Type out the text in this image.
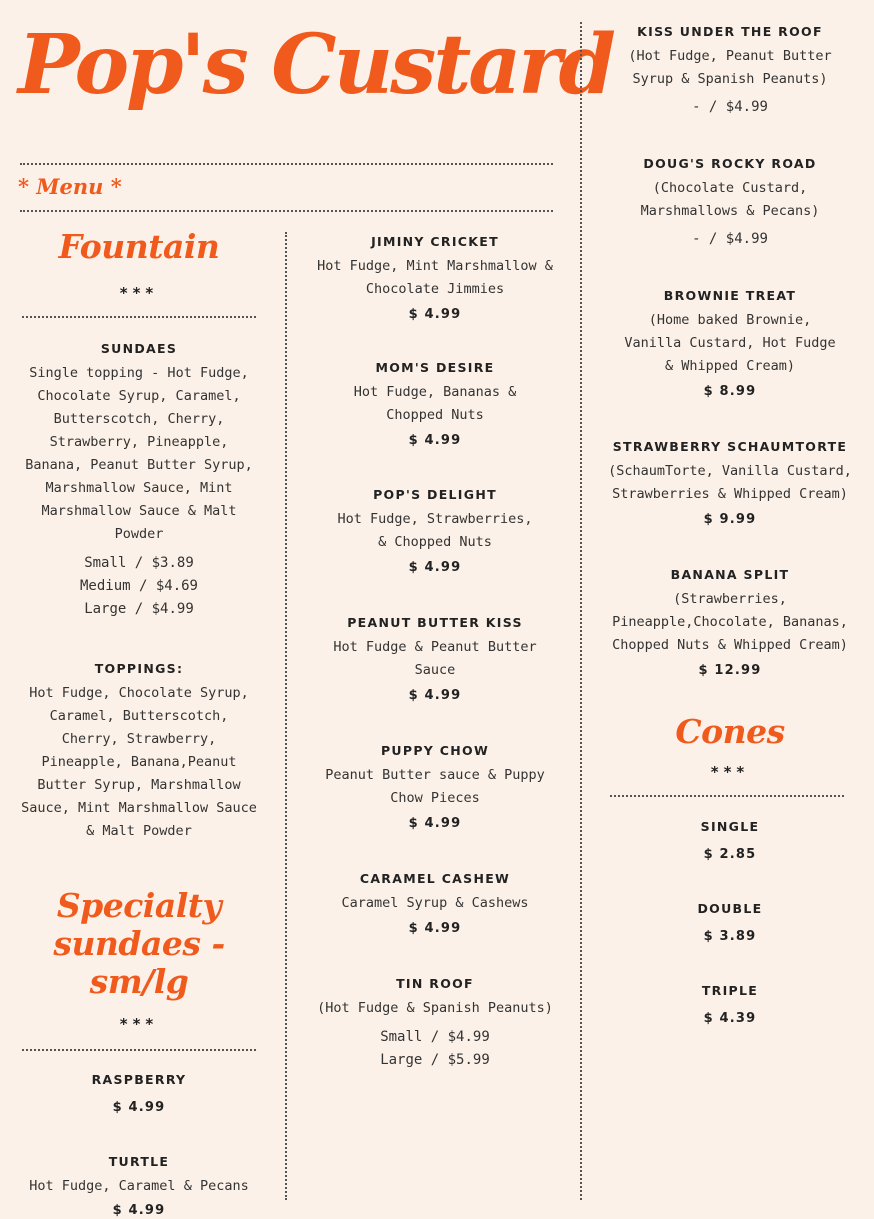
Pop's Custard
* Menu *
Fountain

***

SUNDAES

Single topping - Hot Fudge, Chocolate Syrup, Caramel, Butterscotch, Cherry, Strawberry, Pineapple, Banana, Peanut Butter Syrup, Marshmallow Sauce, Mint Marshmallow Sauce & Malt Powder

Small / $3.89

Medium / $4.69

Large / $4.99

TOPPINGS:

Hot Fudge, Chocolate Syrup, Caramel, Butterscotch, Cherry, Strawberry, Pineapple, Banana,Peanut Butter Syrup, Marshmallow Sauce, Mint Marshmallow Sauce & Malt Powder

Specialty sundaes - sm/lg

***

RASPBERRY

$ 4.99

TURTLE

Hot Fudge, Caramel & Pecans

$ 4.99

JIMINY CRICKET

Hot Fudge, Mint Marshmallow & Chocolate Jimmies

$ 4.99

MOM'S DESIRE

Hot Fudge, Bananas & Chopped Nuts

$ 4.99

POP'S DELIGHT

Hot Fudge, Strawberries, & Chopped Nuts

$ 4.99

PEANUT BUTTER KISS

Hot Fudge & Peanut Butter Sauce

$ 4.99

PUPPY CHOW

Peanut Butter sauce & Puppy Chow Pieces

$ 4.99

CARAMEL CASHEW

Caramel Syrup & Cashews

$ 4.99

TIN ROOF

(Hot Fudge & Spanish Peanuts)

Small / $4.99

Large / $5.99

KISS UNDER THE ROOF

(Hot Fudge, Peanut Butter Syrup & Spanish Peanuts)

- / $4.99

DOUG'S ROCKY ROAD

(Chocolate Custard, Marshmallows & Pecans)

- / $4.99

BROWNIE TREAT

(Home baked Brownie, Vanilla Custard, Hot Fudge & Whipped Cream)

$ 8.99

STRAWBERRY SCHAUMTORTE

(SchaumTorte, Vanilla Custard, Strawberries & Whipped Cream)

$ 9.99

BANANA SPLIT

(Strawberries, Pineapple,Chocolate, Bananas, Chopped Nuts & Whipped Cream)

$ 12.99

Cones

***

SINGLE

$ 2.85

DOUBLE

$ 3.89

TRIPLE

$ 4.39
